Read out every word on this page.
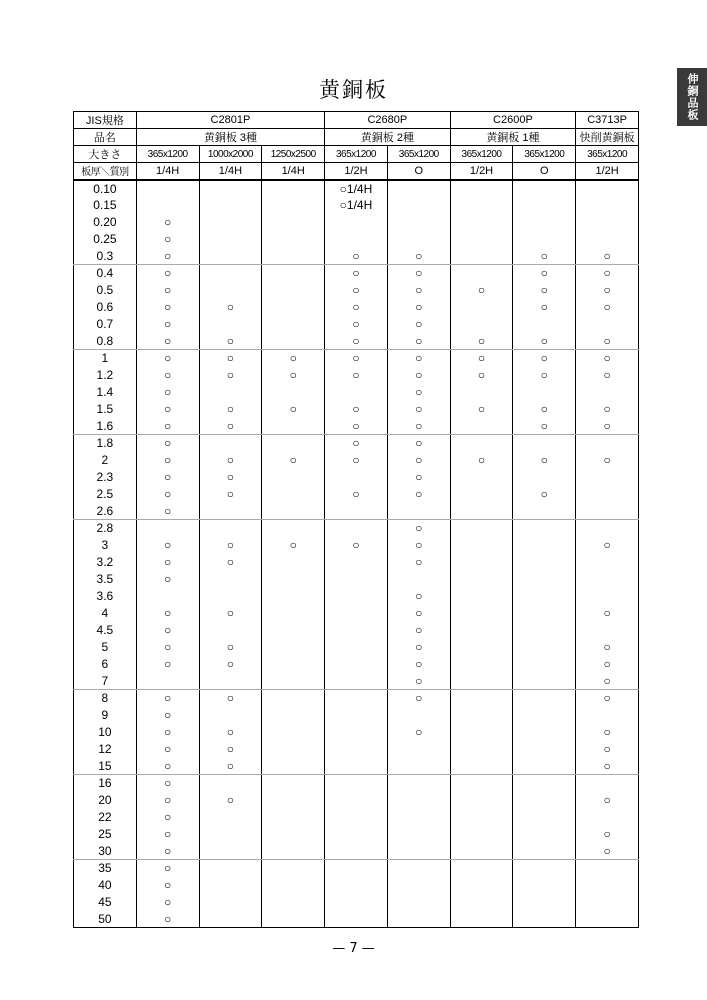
黄銅板	伸銅品板
JIS規格	C2801P			C2680P		C2600P		C3713P
品名	黄銅板 3種			黄銅板 2種		黄銅板 1種		快削黄銅板
大きさ	365x1200	1000x2000	1250x2500	365x1200	365x1200	365x1200	365x1200	365x1200
板厚＼質別	1/4H	1/4H	1/4H	1/2H	O	1/2H	O	1/2H
0.10				○1/4H				
0.15				○1/4H				
0.20	○							
0.25	○							
0.3	○			○	○		○	○
0.4	○			○	○		○	○
0.5	○			○	○	○	○	○
0.6	○	○		○	○		○	○
0.7	○			○	○			
0.8	○	○		○	○	○	○	○
1	○	○	○	○	○	○	○	○
1.2	○	○	○	○	○	○	○	○
1.4	○				○			
1.5	○	○	○	○	○	○	○	○
1.6	○	○		○	○		○	○
1.8	○			○	○			
2	○	○	○	○	○	○	○	○
2.3	○	○			○			
2.5	○	○		○	○		○	
2.6	○							
2.8					○			
3	○	○	○	○	○			○
3.2	○	○			○			
3.5	○							
3.6					○			
4	○	○			○			○
4.5	○				○			
5	○	○			○			○
6	○	○			○			○
7					○			○
8	○	○			○			○
9	○							
10	○	○			○			○
12	○	○						○
15	○	○						○
16	○							
20	○	○						○
22	○							
25	○							○
30	○							○
35	○							
40	○							
45	○							
50	○							
— 7 —
